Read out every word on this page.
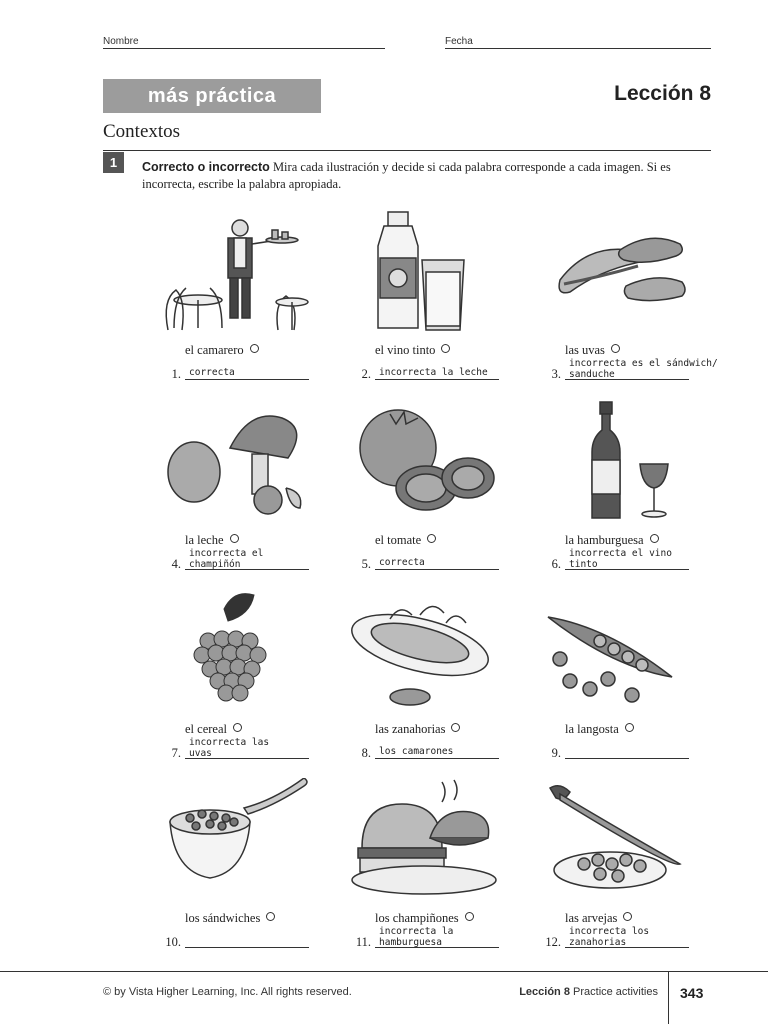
Nombre	Fecha
más práctica	Lección 8
Contextos
1	Correcto o incorrecto Mira cada ilustración y decide si cada palabra corresponde a cada imagen. Si es incorrecta, escribe la palabra apropiada.
el camarero
1. correcta
el vino tinto
2. incorrecta la leche
las uvas
3.
incorrecta es el sándwich/
sanduche
la leche
4.
incorrecta el
champiñón
el tomate
5. correcta
la hamburguesa
6.
incorrecta el vino
tinto
el cereal
7.
incorrecta las
uvas
las zanahorias
8. los camarones
la langosta
9.
los sándwiches
10.
los champiñones
11.
incorrecta la
hamburguesa
las arvejas
12.
incorrecta los
zanahorias
© by Vista Higher Learning, Inc. All rights reserved.	Lección 8 Practice activities 343
